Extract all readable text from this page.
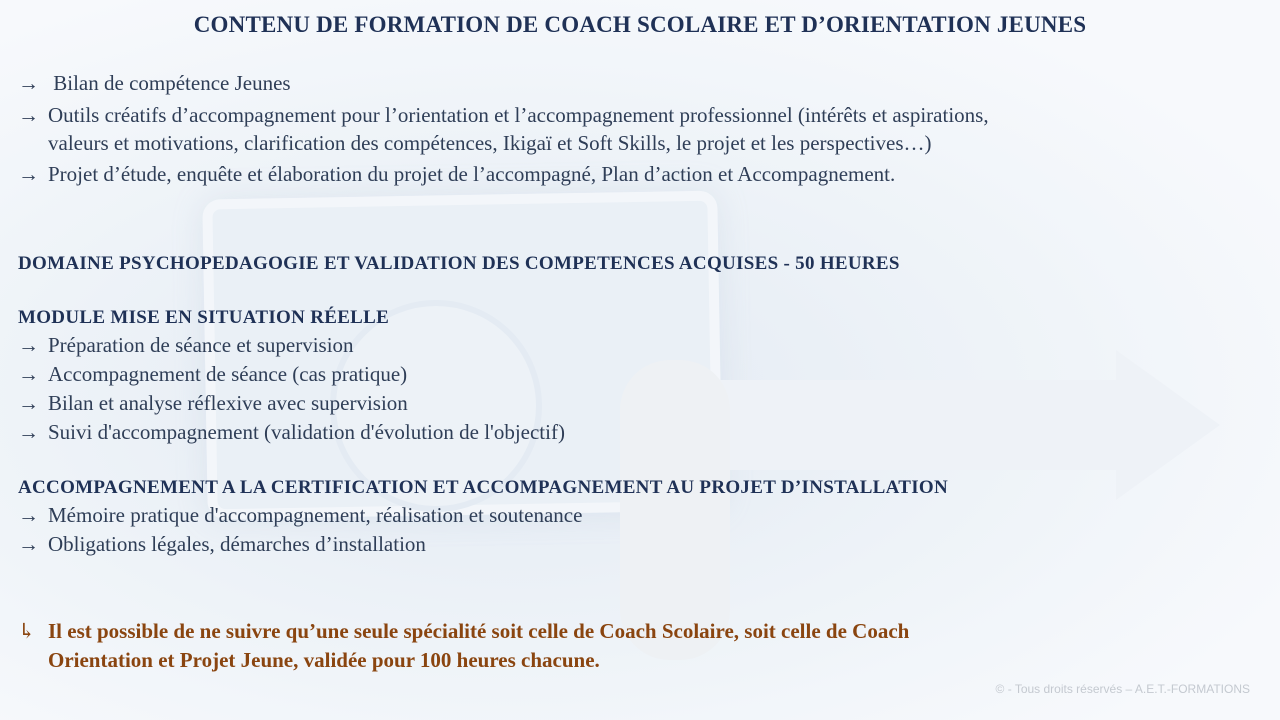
CONTENU DE FORMATION DE COACH SCOLAIRE ET D’ORIENTATION JEUNES
→ Bilan de compétence Jeunes
→ Outils créatifs d’accompagnement pour l’orientation et l’accompagnement professionnel (intérêts et aspirations,
valeurs et motivations, clarification des compétences, Ikigaï et Soft Skills, le projet et les perspectives…)
→ Projet d’étude, enquête et élaboration du projet de l’accompagné, Plan d’action et Accompagnement.
DOMAINE PSYCHOPEDAGOGIE ET VALIDATION DES COMPETENCES ACQUISES - 50 HEURES
MODULE MISE EN SITUATION RÉELLE
→ Préparation de séance et supervision
→ Accompagnement de séance (cas pratique)
→ Bilan et analyse réflexive avec supervision
→ Suivi d'accompagnement (validation d'évolution de l'objectif)
ACCOMPAGNEMENT A LA CERTIFICATION ET ACCOMPAGNEMENT AU PROJET D’INSTALLATION
→ Mémoire pratique d'accompagnement, réalisation et soutenance
→ Obligations légales, démarches d’installation
↳ Il est possible de ne suivre qu’une seule spécialité soit celle de Coach Scolaire, soit celle de Coach
Orientation et Projet Jeune, validée pour 100 heures chacune.
© - Tous droits réservés – A.E.T.-FORMATIONS
